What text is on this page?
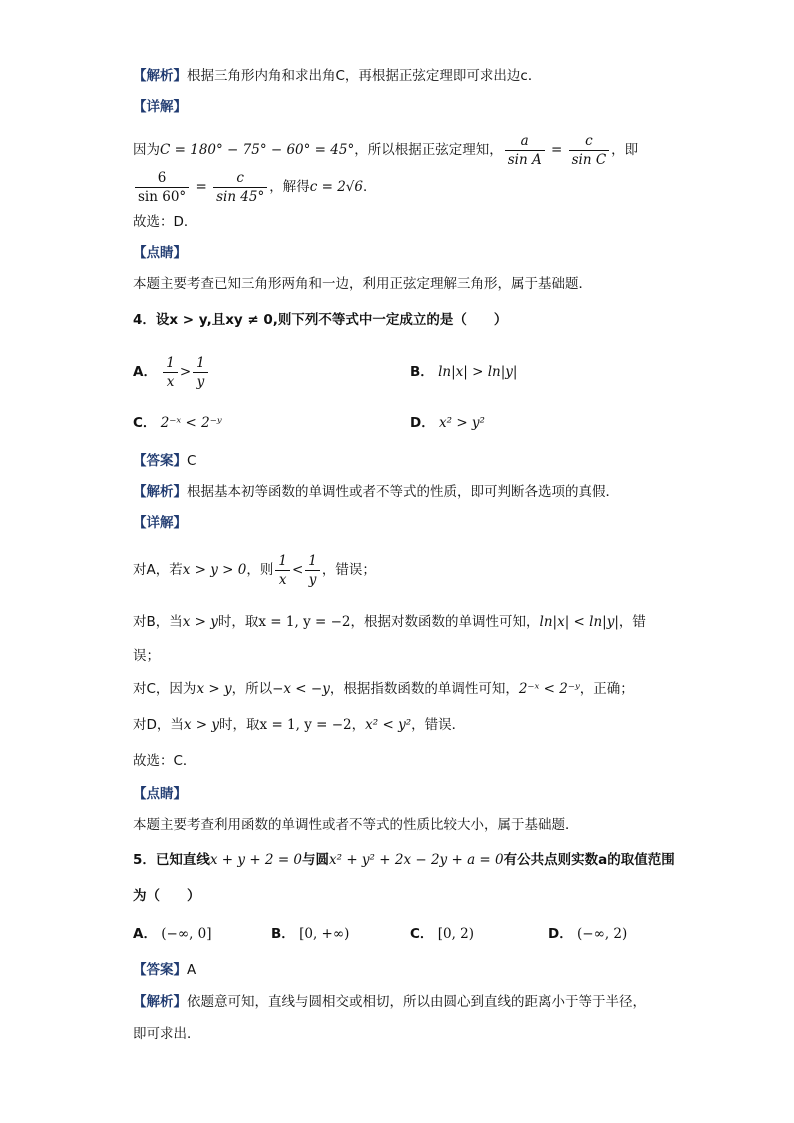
【解析】根据三角形内角和求出角C，再根据正弦定理即可求出边c．
【详解】
因为C = 180° − 75° − 60° = 45°，所以根据正弦定理知， $\frac{a}{\text{sin A}} = \frac{c}{\text{sin C}}$ ，即
$\frac{6}{\sin 60^\circ} = \frac{c}{\sin 45^\circ}$ ，解得c = 2√6．
故选：D．
【点睛】
本题主要考查已知三角形两角和一边，利用正弦定理解三角形，属于基础题．
4．设x > y,且xy ≠ 0,则下列不等式中一定成立的是（　　）
A． $\frac{1}{x} > \frac{1}{y}$	B． ln|x| > ln|y|
C． 2⁻ˣ < 2⁻ʸ	D． x² > y²
【答案】C
【解析】根据基本初等函数的单调性或者不等式的性质，即可判断各选项的真假．
【详解】
对A，若x > y > 0，则 $\frac{1}{x} < \frac{1}{y}$ ，错误；
对B，当x > y时，取x = 1, y = −2，根据对数函数的单调性可知，ln|x| < ln|y|，错
误；
对C，因为x > y，所以−x < −y，根据指数函数的单调性可知，2⁻ˣ < 2⁻ʸ，正确；
对D，当x > y时，取x = 1, y = −2，x² < y²，错误．
故选：C．
【点睛】
本题主要考查利用函数的单调性或者不等式的性质比较大小，属于基础题．
5．已知直线x + y + 2 = 0与圆x² + y² + 2x − 2y + a = 0有公共点则实数a的取值范围
为（　　）
A． (−∞, 0]	B． [0, +∞)	C． [0, 2)	D． (−∞, 2)
【答案】A
【解析】依题意可知，直线与圆相交或相切，所以由圆心到直线的距离小于等于半径，
即可求出．
